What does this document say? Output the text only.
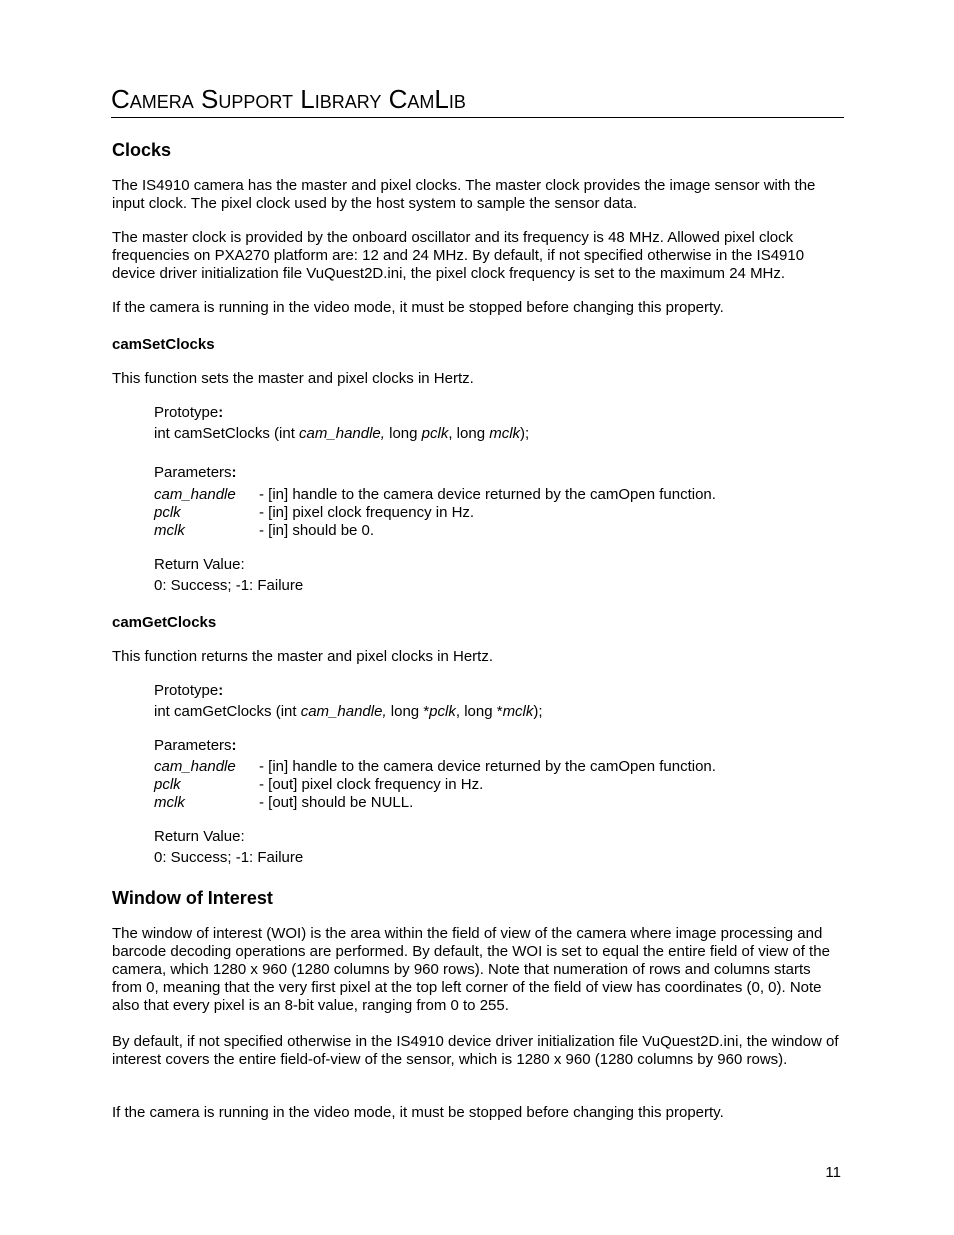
Camera Support Library CamLib
Clocks
The IS4910 camera has the master and pixel clocks. The master clock provides the image sensor with the input clock. The pixel clock used by the host system to sample the sensor data.
The master clock is provided by the onboard oscillator and its frequency is 48 MHz. Allowed pixel clock frequencies on PXA270 platform are: 12 and 24 MHz. By default, if not specified otherwise in the IS4910 device driver initialization file VuQuest2D.ini, the pixel clock frequency is set to the maximum 24 MHz.
If the camera is running in the video mode, it must be stopped before changing this property.
camSetClocks
This function sets the master and pixel clocks in Hertz.
Prototype:
int camSetClocks (int cam_handle, long pclk, long mclk);
Parameters:
cam_handle - [in] handle to the camera device returned by the camOpen function.
pclk	- [in] pixel clock frequency in Hz.
mclk	- [in] should be 0.
Return Value:
0: Success; -1: Failure
camGetClocks
This function returns the master and pixel clocks in Hertz.
Prototype:
int camGetClocks (int cam_handle, long *pclk, long *mclk);
Parameters:
cam_handle - [in] handle to the camera device returned by the camOpen function.
pclk	- [out] pixel clock frequency in Hz.
mclk	- [out] should be NULL.
Return Value:
0: Success; -1: Failure
Window of Interest
The window of interest (WOI) is the area within the field of view of the camera where image processing and barcode decoding operations are performed. By default, the WOI is set to equal the entire field of view of the camera, which 1280 x 960 (1280 columns by 960 rows). Note that numeration of rows and columns starts from 0, meaning that the very first pixel at the top left corner of the field of view has coordinates (0, 0). Note also that every pixel is an 8-bit value, ranging from 0 to 255.
By default, if not specified otherwise in the IS4910 device driver initialization file VuQuest2D.ini, the window of interest covers the entire field-of-view of the sensor, which is 1280 x 960 (1280 columns by 960 rows).
If the camera is running in the video mode, it must be stopped before changing this property.
11
